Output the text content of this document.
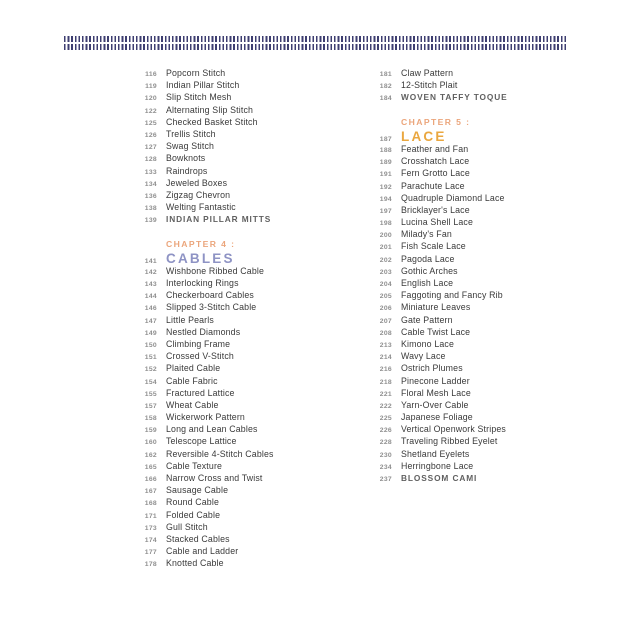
116 Popcorn Stitch
119 Indian Pillar Stitch
120 Slip Stitch Mesh
122 Alternating Slip Stitch
125 Checked Basket Stitch
126 Trellis Stitch
127 Swag Stitch
128 Bowknots
133 Raindrops
134 Jeweled Boxes
136 Zigzag Chevron
138 Welting Fantastic
139 INDIAN PILLAR MITTS
CHAPTER 4 :
141 CABLES
142 Wishbone Ribbed Cable
143 Interlocking Rings
144 Checkerboard Cables
146 Slipped 3-Stitch Cable
147 Little Pearls
149 Nestled Diamonds
150 Climbing Frame
151 Crossed V-Stitch
152 Plaited Cable
154 Cable Fabric
155 Fractured Lattice
157 Wheat Cable
158 Wickerwork Pattern
159 Long and Lean Cables
160 Telescope Lattice
162 Reversible 4-Stitch Cables
165 Cable Texture
166 Narrow Cross and Twist
167 Sausage Cable
168 Round Cable
171 Folded Cable
173 Gull Stitch
174 Stacked Cables
177 Cable and Ladder
178 Knotted Cable
181 Claw Pattern
182 12-Stitch Plait
184 WOVEN TAFFY TOQUE
CHAPTER 5 :
187 LACE
188 Feather and Fan
189 Crosshatch Lace
191 Fern Grotto Lace
192 Parachute Lace
194 Quadruple Diamond Lace
197 Bricklayer's Lace
198 Lucina Shell Lace
200 Milady's Fan
201 Fish Scale Lace
202 Pagoda Lace
203 Gothic Arches
204 English Lace
205 Faggoting and Fancy Rib
206 Miniature Leaves
207 Gate Pattern
208 Cable Twist Lace
213 Kimono Lace
214 Wavy Lace
216 Ostrich Plumes
218 Pinecone Ladder
221 Floral Mesh Lace
222 Yarn-Over Cable
225 Japanese Foliage
226 Vertical Openwork Stripes
228 Traveling Ribbed Eyelet
230 Shetland Eyelets
234 Herringbone Lace
237 BLOSSOM CAMI
